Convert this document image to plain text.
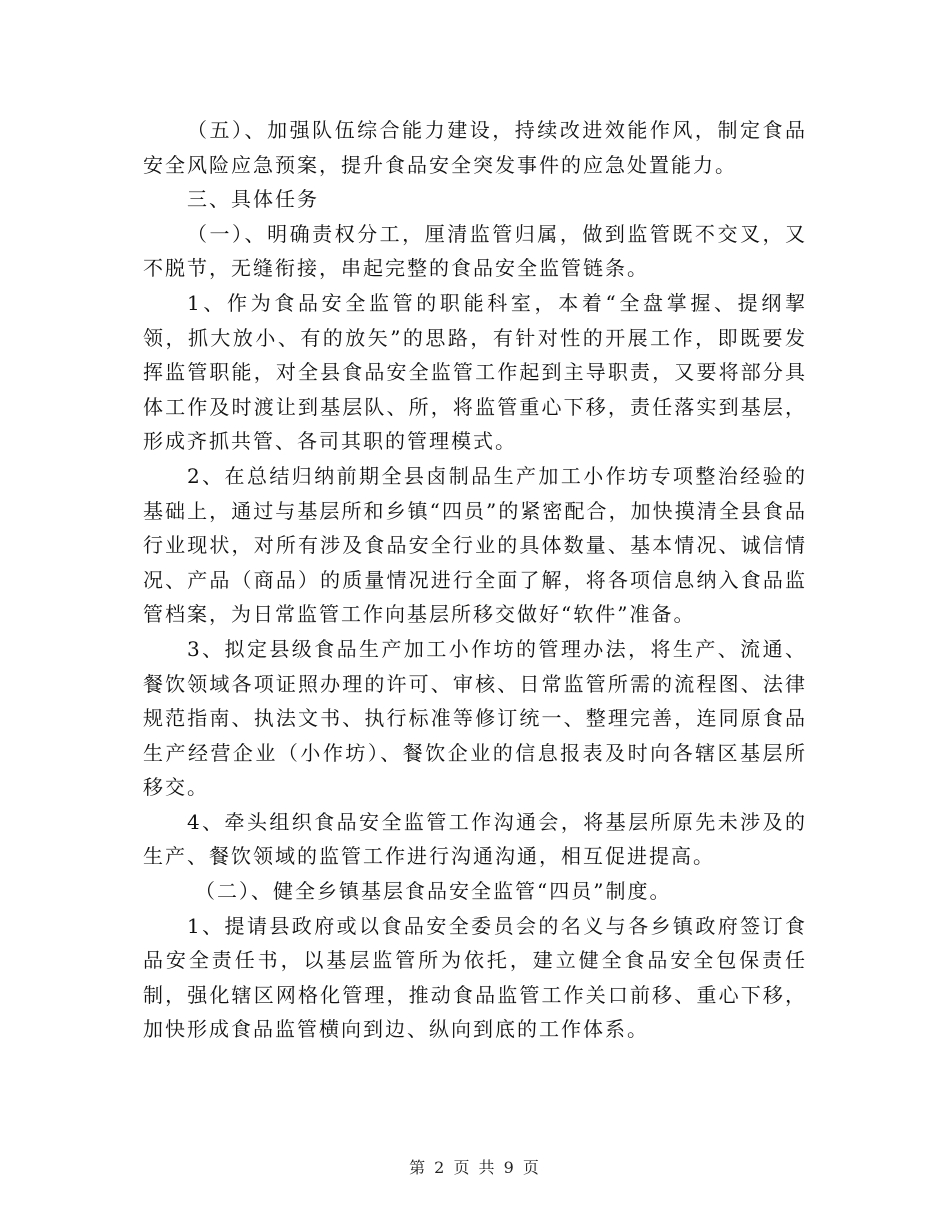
（五）、加强队伍综合能力建设，持续改进效能作风，制定食品安全风险应急预案，提升食品安全突发事件的应急处置能力。

三、具体任务

（一）、明确责权分工，厘清监管归属，做到监管既不交叉，又不脱节，无缝衔接，串起完整的食品安全监管链条。

1、作为食品安全监管的职能科室，本着“全盘掌握、提纲挈领，抓大放小、有的放矢”的思路，有针对性的开展工作，即既要发挥监管职能，对全县食品安全监管工作起到主导职责，又要将部分具体工作及时渡让到基层队、所，将监管重心下移，责任落实到基层，形成齐抓共管、各司其职的管理模式。

2、在总结归纳前期全县卤制品生产加工小作坊专项整治经验的基础上，通过与基层所和乡镇“四员”的紧密配合，加快摸清全县食品行业现状，对所有涉及食品安全行业的具体数量、基本情况、诚信情况、产品（商品）的质量情况进行全面了解，将各项信息纳入食品监管档案，为日常监管工作向基层所移交做好“软件”准备。

3、拟定县级食品生产加工小作坊的管理办法，将生产、流通、餐饮领域各项证照办理的许可、审核、日常监管所需的流程图、法律规范指南、执法文书、执行标准等修订统一、整理完善，连同原食品生产经营企业（小作坊）、餐饮企业的信息报表及时向各辖区基层所移交。

4、牵头组织食品安全监管工作沟通会，将基层所原先未涉及的生产、餐饮领域的监管工作进行沟通沟通，相互促进提高。

（二）、健全乡镇基层食品安全监管“四员”制度。

1、提请县政府或以食品安全委员会的名义与各乡镇政府签订食品安全责任书，以基层监管所为依托，建立健全食品安全包保责任制，强化辖区网格化管理，推动食品监管工作关口前移、重心下移，加快形成食品监管横向到边、纵向到底的工作体系。

第 2 页 共 9 页
